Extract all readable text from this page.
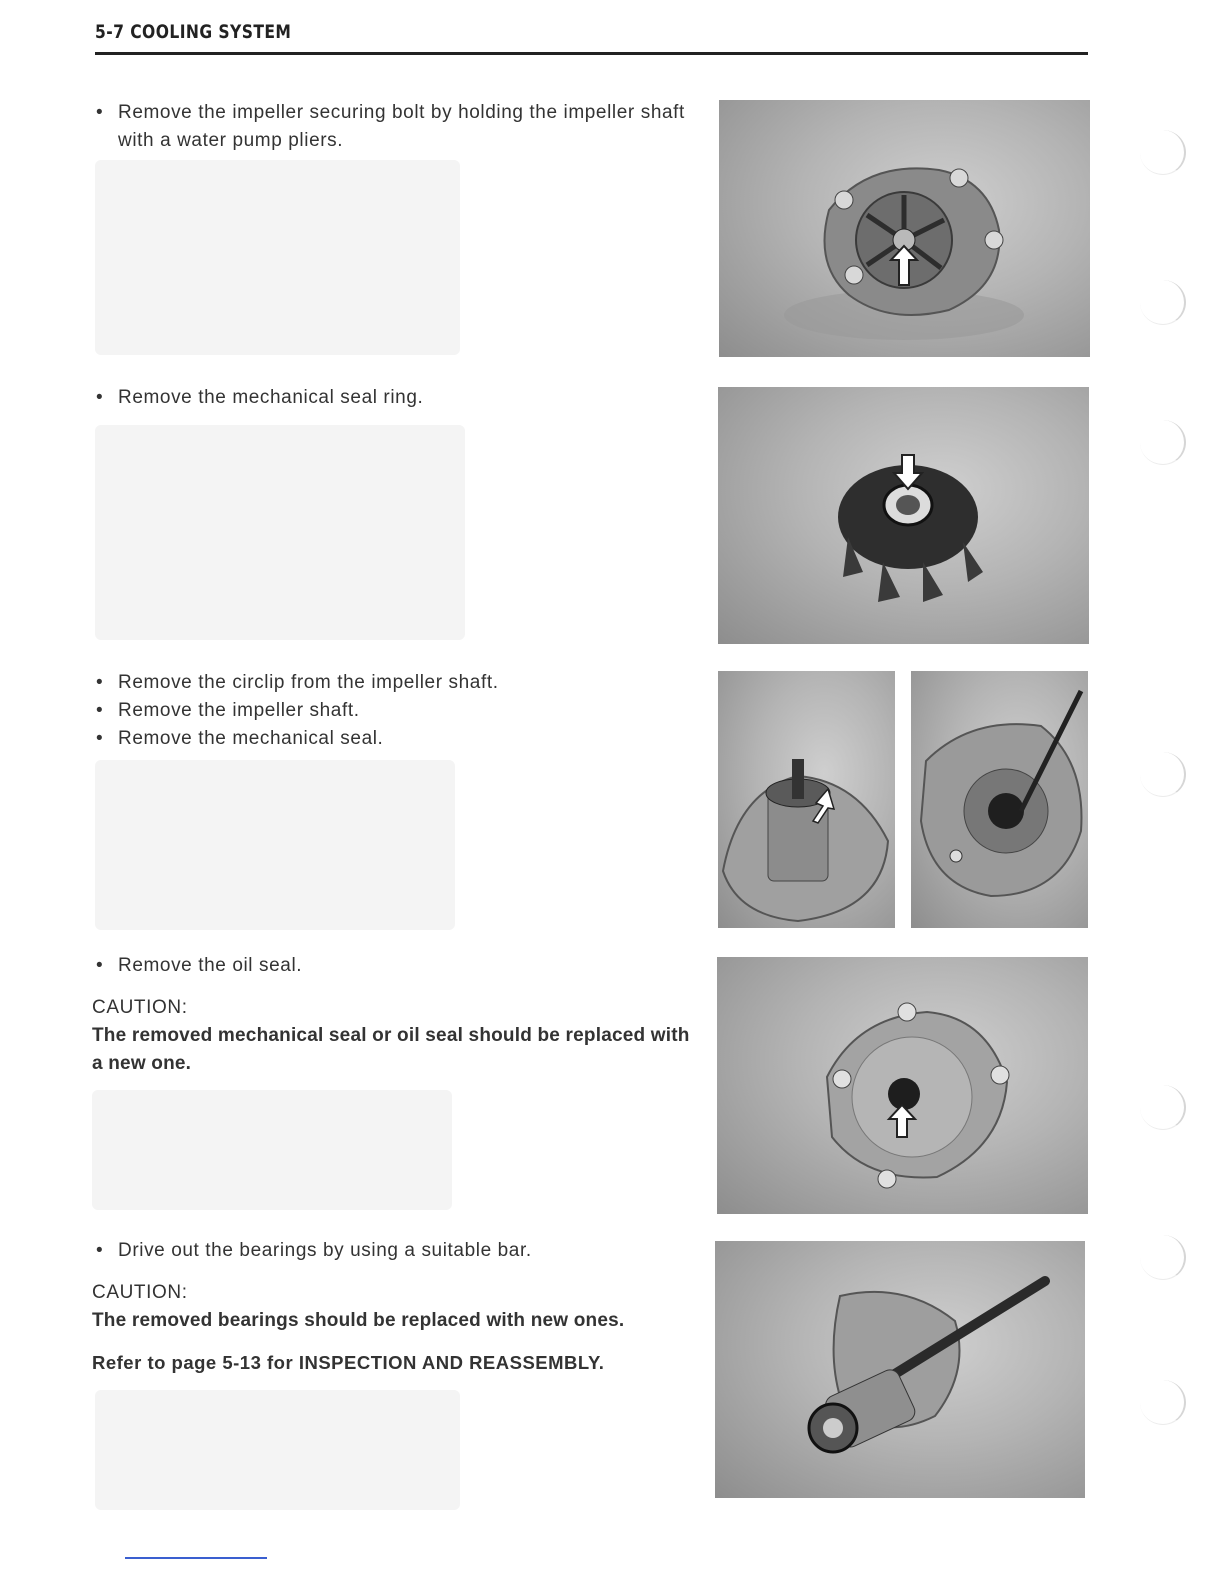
5-7 COOLING SYSTEM

• Remove the impeller securing bolt by holding the impeller shaft with a water pump pliers.

• Remove the mechanical seal ring.

• Remove the circlip from the impeller shaft.

• Remove the impeller shaft.

• Remove the mechanical seal.

• Remove the oil seal.

CAUTION:
The removed mechanical seal or oil seal should be replaced with a new one.

• Drive out the bearings by using a suitable bar.

CAUTION:
The removed bearings should be replaced with new ones.
Refer to page 5-13 for INSPECTION AND REASSEMBLY.
